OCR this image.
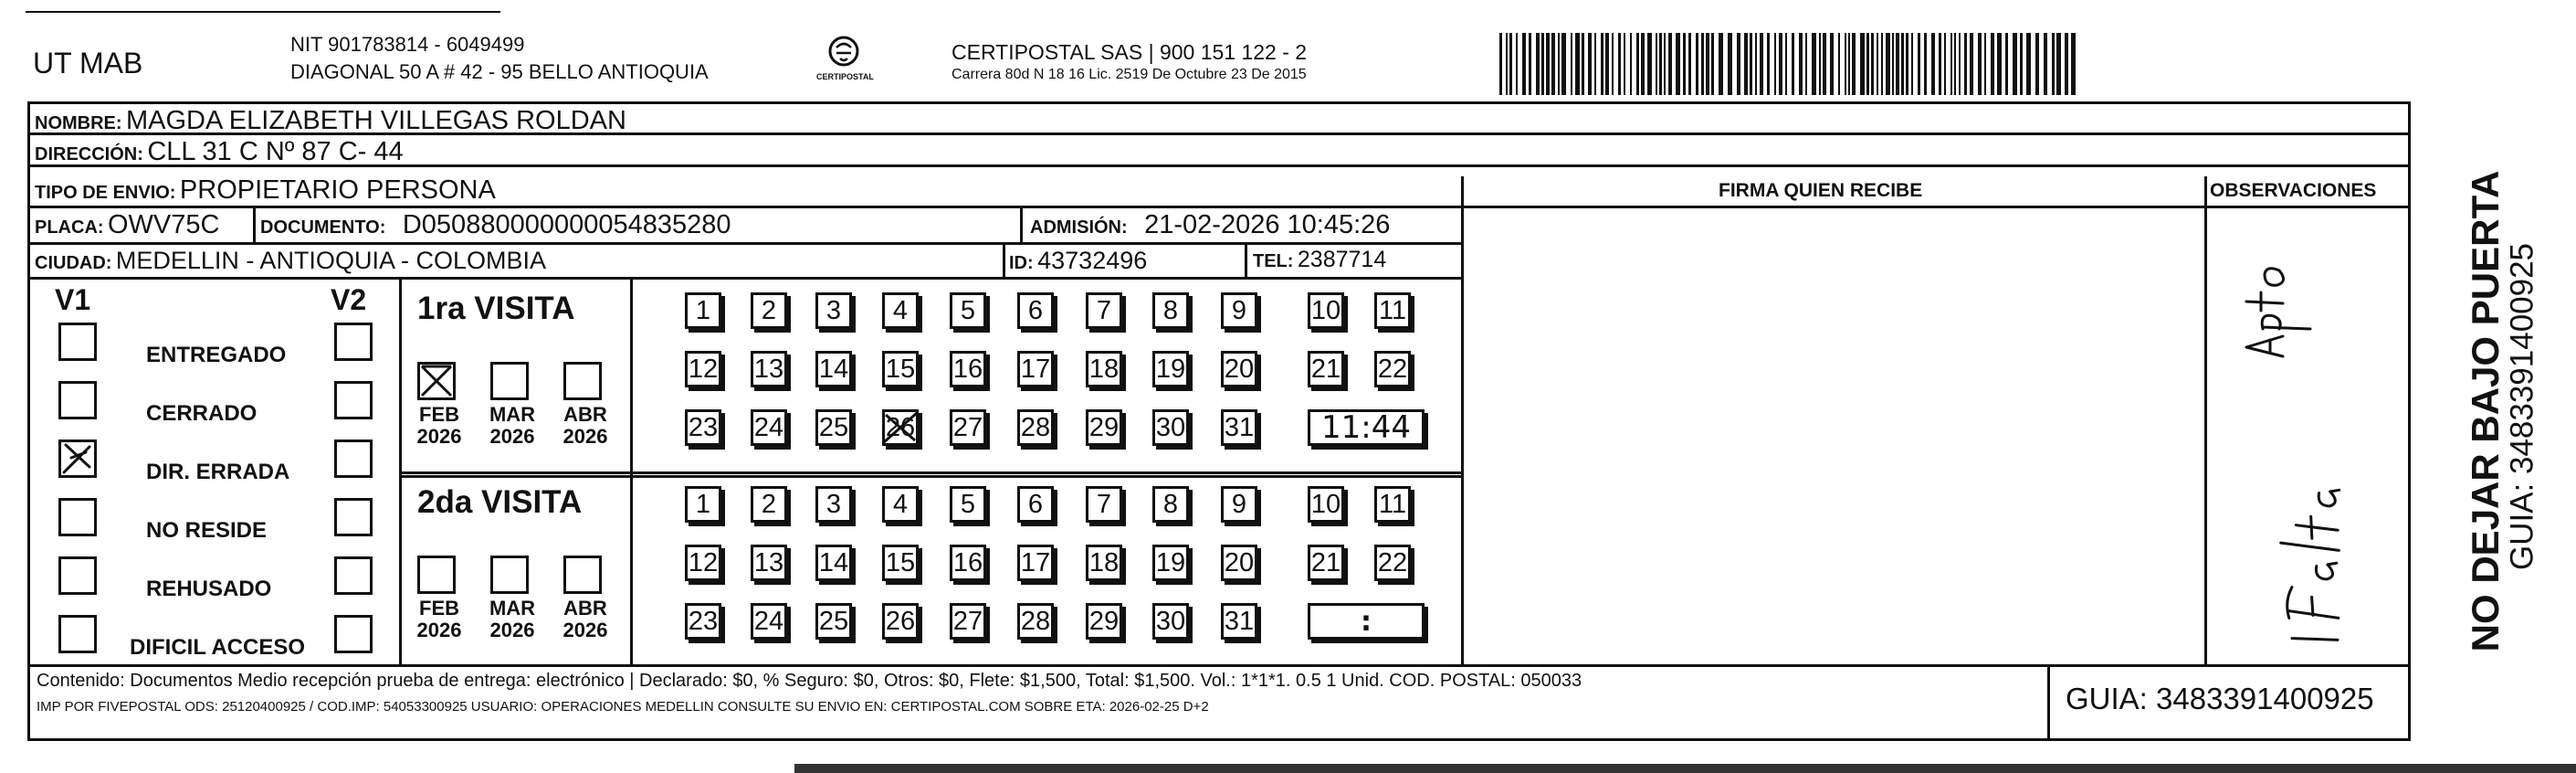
UT MAB
NIT 901783814 - 6049499
DIAGONAL 50 A # 42 - 95 BELLO ANTIOQUIA	CERTIPOSTAL
CERTIPOSTAL SAS | 900 151 122 - 2
Carrera 80d N 18 16 Lic. 2519 De Octubre 23 De 2015
NOMBRE: MAGDA ELIZABETH VILLEGAS ROLDAN
DIRECCIÓN: CLL 31 C Nº 87 C- 44
TIPO DE ENVIO: PROPIETARIO PERSONA
PLACA: OWV75C DOCUMENTO: D050880000000054835280	ADMISIÓN: 21-02-2026 10:45:26
CIUDAD: MEDELLIN - ANTIOQUIA - COLOMBIA	ID: 43732496	TEL: 2387714
FIRMA QUIEN RECIBE	OBSERVACIONES
V1	V2
ENTREGADO
CERRADO
DIR. ERRADA
NO RESIDE
REHUSADO
DIFICIL ACCESO
1ra VISITA
FEB
2026
MAR
2026
ABR
2026
1	2	3	4	5	6	7	8	9	10 11
12 13 14 15 16 17 18 19 20 21 22
23 24 25 26 27 28 29 30 31	11:44
2da VISITA
FEB
2026
MAR
2026
ABR
2026
1	2	3	4	5	6	7	8	9	10 11
12 13 14 15 16 17 18 19 20 21 22
23 24 25 26 27 28 29 30 31	:
Contenido: Documentos Medio recepción prueba de entrega: electrónico | Declarado: $0, % Seguro: $0, Otros: $0, Flete: $1,500, Total: $1,500. Vol.: 1*1*1. 0.5 1 Unid. COD. POSTAL: 050033
IMP POR FIVEPOSTAL ODS: 25120400925 / COD.IMP: 54053300925 USUARIO: OPERACIONES MEDELLIN CONSULTE SU ENVIO EN: CERTIPOSTAL.COM SOBRE ETA: 2026-02-25 D+2	GUIA: 3483391400925
NO DEJAR BAJO PUERTA
GUIA: 3483391400925
